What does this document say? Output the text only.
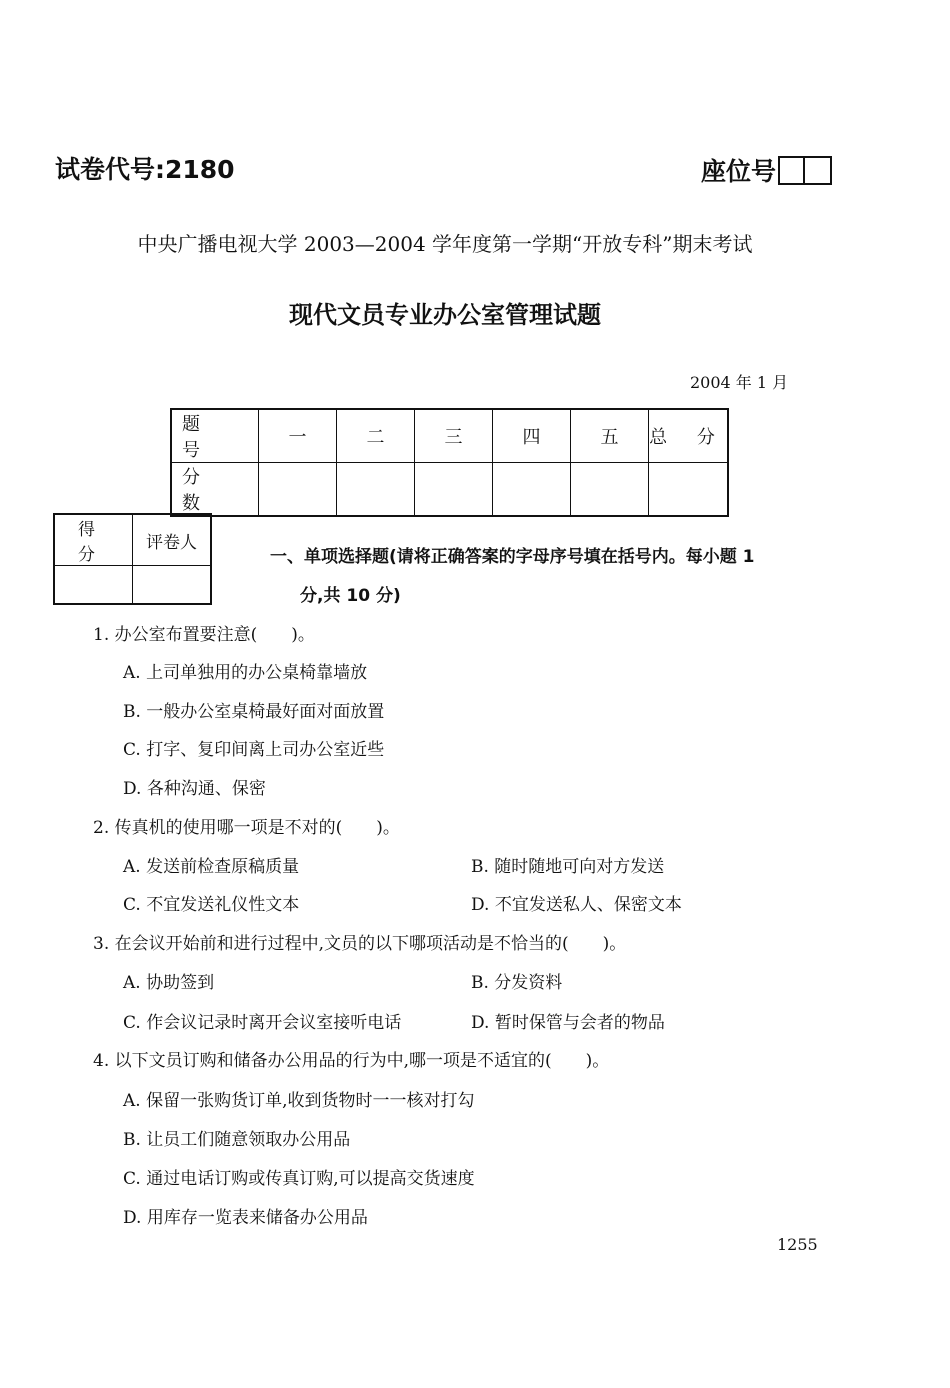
试卷代号:2180	座位号
中央广播电视大学 2003—2004 学年度第一学期“开放专科”期末考试
现代文员专业办公室管理试题
2004 年 1 月
题 号	一	二	三	四	五	总 分
分 数						
得 分	评卷人

一、单项选择题(请将正确答案的字母序号填在括号内。每小题 1
分,共 10 分)
1. 办公室布置要注意(　　)。
A. 上司单独用的办公桌椅靠墙放
B. 一般办公室桌椅最好面对面放置
C. 打字、复印间离上司办公室近些
D. 各种沟通、保密
2. 传真机的使用哪一项是不对的(　　)。
A. 发送前检查原稿质量	B. 随时随地可向对方发送
C. 不宜发送礼仪性文本	D. 不宜发送私人、保密文本
3. 在会议开始前和进行过程中,文员的以下哪项活动是不恰当的(　　)。
A. 协助签到	B. 分发资料
C. 作会议记录时离开会议室接听电话	D. 暂时保管与会者的物品
4. 以下文员订购和储备办公用品的行为中,哪一项是不适宜的(　　)。
A. 保留一张购货订单,收到货物时一一核对打勾
B. 让员工们随意领取办公用品
C. 通过电话订购或传真订购,可以提高交货速度
D. 用库存一览表来储备办公用品
1255
